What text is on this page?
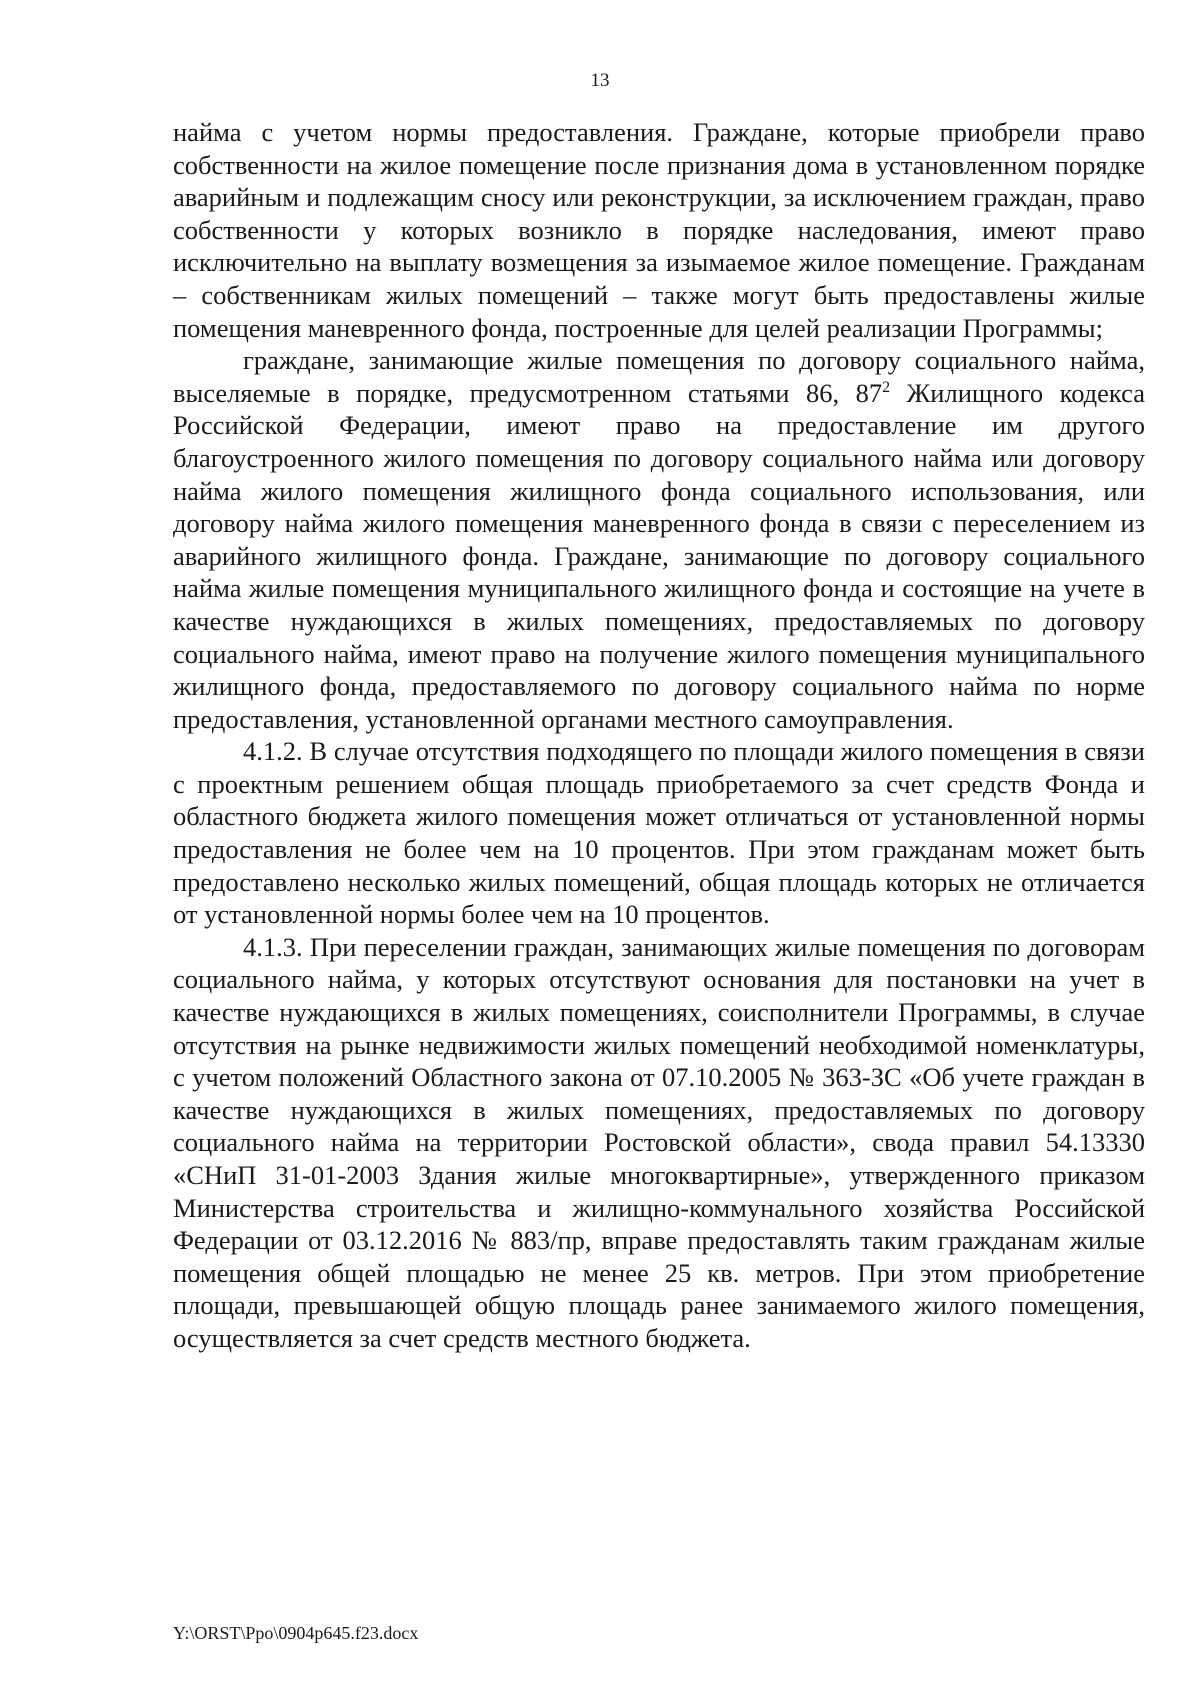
13

найма с учетом нормы предоставления. Граждане, которые приобрели право собственности на жилое помещение после признания дома в установленном порядке аварийным и подлежащим сносу или реконструкции, за исключением граждан, право собственности у которых возникло в порядке наследования, имеют право исключительно на выплату возмещения за изымаемое жилое помещение. Гражданам – собственникам жилых помещений – также могут быть предоставлены жилые помещения маневренного фонда, построенные для целей реализации Программы;

граждане, занимающие жилые помещения по договору социального найма, выселяемые в порядке, предусмотренном статьями 86, $87^2$ Жилищного кодекса Российской Федерации, имеют право на предоставление им другого благоустроенного жилого помещения по договору социального найма или договору найма жилого помещения жилищного фонда социального использования, или договору найма жилого помещения маневренного фонда в связи с переселением из аварийного жилищного фонда. Граждане, занимающие по договору социального найма жилые помещения муниципального жилищного фонда и состоящие на учете в качестве нуждающихся в жилых помещениях, предоставляемых по договору социального найма, имеют право на получение жилого помещения муниципального жилищного фонда, предоставляемого по договору социального найма по норме предоставления, установленной органами местного самоуправления.

4.1.2. В случае отсутствия подходящего по площади жилого помещения в связи с проектным решением общая площадь приобретаемого за счет средств Фонда и областного бюджета жилого помещения может отличаться от установленной нормы предоставления не более чем на 10 процентов. При этом гражданам может быть предоставлено несколько жилых помещений, общая площадь которых не отличается от установленной нормы более чем на 10 процентов.

4.1.3. При переселении граждан, занимающих жилые помещения по договорам социального найма, у которых отсутствуют основания для постановки на учет в качестве нуждающихся в жилых помещениях, соисполнители Программы, в случае отсутствия на рынке недвижимости жилых помещений необходимой номенклатуры, с учетом положений Областного закона от 07.10.2005 № 363-ЗС «Об учете граждан в качестве нуждающихся в жилых помещениях, предоставляемых по договору социального найма на территории Ростовской области», свода правил 54.13330 «СНиП 31-01-2003 Здания жилые многоквартирные», утвержденного приказом Министерства строительства и жилищно-коммунального хозяйства Российской Федерации от 03.12.2016 № 883/пр, вправе предоставлять таким гражданам жилые помещения общей площадью не менее 25 кв. метров. При этом приобретение площади, превышающей общую площадь ранее занимаемого жилого помещения, осуществляется за счет средств местного бюджета.

Y:\ORST\Ppo\0904p645.f23.docx
